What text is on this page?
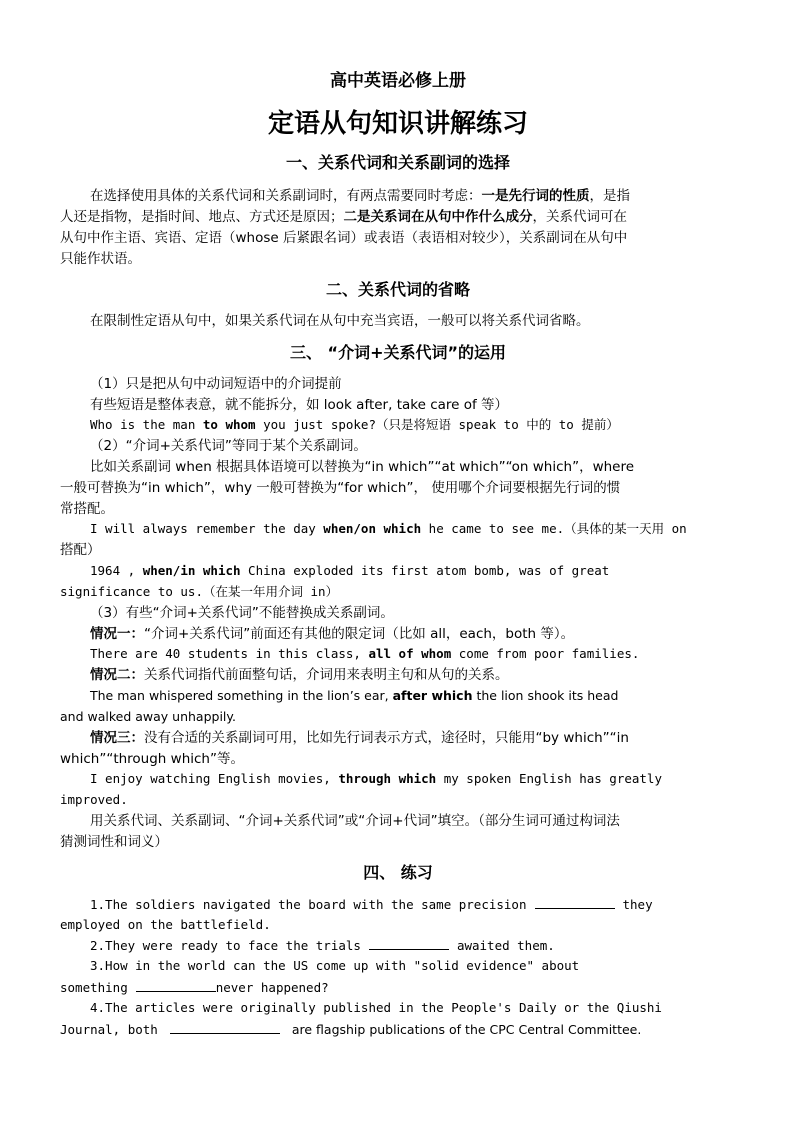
高中英语必修上册
定语从句知识讲解练习
一、关系代词和关系副词的选择
在选择使用具体的关系代词和关系副词时，有两点需要同时考虑：一是先行词的性质，是指
人还是指物，是指时间、地点、方式还是原因；二是关系词在从句中作什么成分，关系代词可在
从句中作主语、宾语、定语（whose 后紧跟名词）或表语（表语相对较少），关系副词在从句中
只能作状语。
二、关系代词的省略
在限制性定语从句中，如果关系代词在从句中充当宾语，一般可以将关系代词省略。
三、 “介词+关系代词”的运用
（1）只是把从句中动词短语中的介词提前
有些短语是整体表意，就不能拆分，如 look after, take care of 等）
Who is the man to whom you just spoke?（只是将短语 speak to 中的 to 提前）
（2）“介词+关系代词”等同于某个关系副词。
比如关系副词 when 根据具体语境可以替换为“in which”“at which”“on which”，where
一般可替换为“in which”，why 一般可替换为“for which”， 使用哪个介词要根据先行词的惯
常搭配。
I will always remember the day when/on which he came to see me.（具体的某一天用 on
搭配）
1964 , when/in which China exploded its first atom bomb, was of great
significance to us.（在某一年用介词 in）
（3）有些“介词+关系代词”不能替换成关系副词。
情况一：“介词+关系代词”前面还有其他的限定词（比如 all，each，both 等）。
There are 40 students in this class, all of whom come from poor families.
情况二：关系代词指代前面整句话，介词用来表明主句和从句的关系。
The man whispered something in the lion’s ear, after which the lion shook its head
and walked away unhappily.
情况三：没有合适的关系副词可用，比如先行词表示方式，途径时，只能用“by which”“in
which”“through which”等。
I enjoy watching English movies, through which my spoken English has greatly
improved.
用关系代词、关系副词、“介词+关系代词”或“介词+代词”填空。（部分生词可通过构词法
猜测词性和词义）
四、 练习
1.The soldiers navigated the board with the same precision	they
employed on the battlefield.
2.They were ready to face the trials	awaited them.
3.How in the world can the US come up with "solid evidence" about
something	never happened?
4.The articles were originally published in the People's Daily or the Qiushi
Journal, both	are flagship publications of the CPC Central Committee.
